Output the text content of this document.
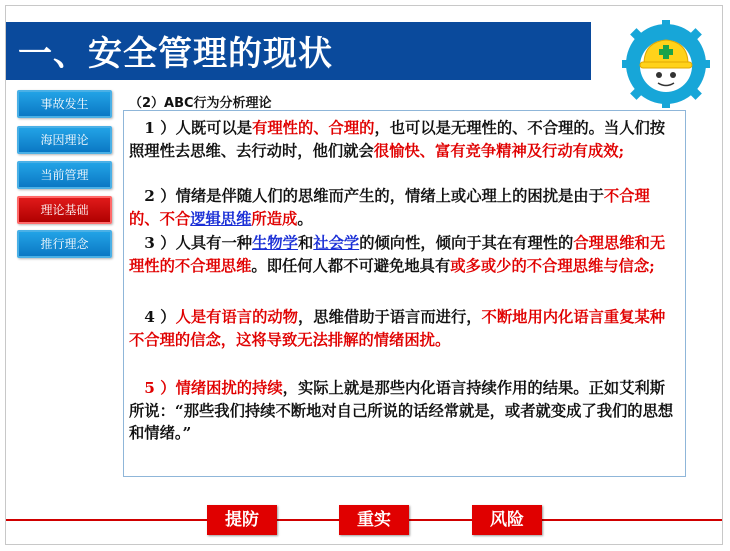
一、安全管理的现状
事故发生
海因理论
当前管理
理论基础
推行理念
（2）ABC行为分析理论
　1 ）人既可以是有理性的、合理的，也可以是无理性的、不合理的。当人们按照理性去思维、去行动时，他们就会很愉快、富有竞争精神及行动有成效;
　2 ）情绪是伴随人们的思维而产生的，情绪上或心理上的困扰是由于不合理的、不合逻辑思维所造成。
　3 ）人具有一种生物学和社会学的倾向性，倾向于其在有理性的合理思维和无理性的不合理思维。即任何人都不可避免地具有或多或少的不合理思维与信念;
　4 ）人是有语言的动物，思维借助于语言而进行，不断地用内化语言重复某种不合理的信念，这将导致无法排解的情绪困扰。
　5 ）情绪困扰的持续，实际上就是那些内化语言持续作用的结果。正如艾利斯所说：“那些我们持续不断地对自己所说的话经常就是，或者就变成了我们的思想和情绪。”
提防	重实	风险
